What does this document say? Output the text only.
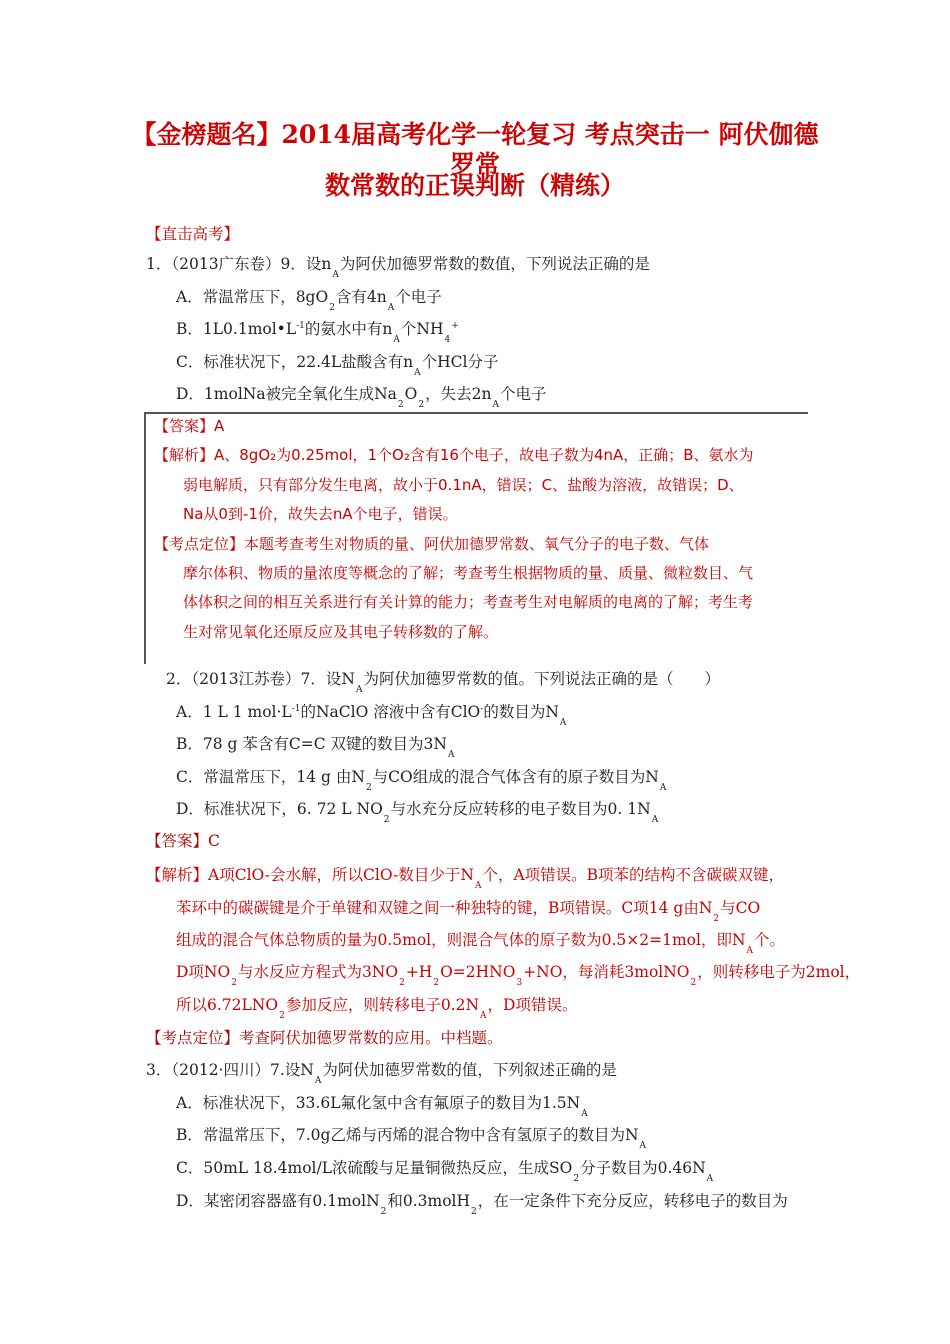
【金榜题名】2014届高考化学一轮复习 考点突击一 阿伏伽德罗常
数常数的正误判断（精练）
【直击高考】
1．（2013广东卷）9．设$n_A$为阿伏加德罗常数的数值，下列说法正确的是
A．常温常压下，$8gO_2$含有$4n_A$个电子
B．$1L0.1mol•L^{-1}$的氨水中有$n_A$个$NH_4^+$
C．标准状况下，22.4L盐酸含有$n_A$个HCl分子
D．1molNa被完全氧化生成$Na_2O_2$，失去$2n_A$个电子
【答案】A
【解析】A、8gO₂为0.25mol，1个O₂含有16个电子，故电子数为4nA，正确；B、氨水为
弱电解质，只有部分发生电离，故小于0.1nA，错误；C、盐酸为溶液，故错误；D、
Na从0到-1价，故失去nA个电子，错误。
【考点定位】本题考查考生对物质的量、阿伏加德罗常数、氧气分子的电子数、气体
摩尔体积、物质的量浓度等概念的了解；考查考生根据物质的量、质量、微粒数目、气
体体积之间的相互关系进行有关计算的能力；考查考生对电解质的电离的了解；考生考
生对常见氧化还原反应及其电子转移数的了解。
2．（2013江苏卷）7．设$N_A$为阿伏加德罗常数的值。下列说法正确的是（　　）
A．1 L 1 $mol\cdot L^{-1}$的NaClO 溶液中含有ClO-的数目为$N_A$
B．78 g 苯含有C=C 双键的数目为$3N_A$
C．常温常压下，14 g 由$N_2$与CO组成的混合气体含有的原子数目为$N_A$
D．标准状况下，6. 72 L $NO_2$与水充分反应转移的电子数目为0. $1N_A$
【答案】C
【解析】A项ClO-会水解，所以ClO-数目少于$N_A$个，A项错误。B项苯的结构不含碳碳双键，
苯环中的碳碳键是介于单键和双键之间一种独特的键，B项错误。C项14 g由$N_2$与CO
组成的混合气体总物质的量为0.5mol，则混合气体的原子数为0.5×2=1mol，即$N_A$个。
D项$NO_2$与水反应方程式为$3NO_2+H_2O=2HNO_3+NO$，每消耗3molNO$_2$，则转移电子为2mol，
所以$6.72LNO_2$参加反应，则转移电子$0.2N_A$，D项错误。
【考点定位】考查阿伏加德罗常数的应用。中档题。
3．（2012·四川）7.设$N_A$为阿伏加德罗常数的值，下列叙述正确的是
A．标准状况下，33.6L氟化氢中含有氟原子的数目为$1.5N_A$
B．常温常压下，7.0g乙烯与丙烯的混合物中含有氢原子的数目为$N_A$
C．50mL 18.4mol/L浓硫酸与足量铜微热反应，生成$SO_2$分子数目为$0.46N_A$
D．某密闭容器盛有0.1molN$_2$和0.3molH$_2$，在一定条件下充分反应，转移电子的数目为
